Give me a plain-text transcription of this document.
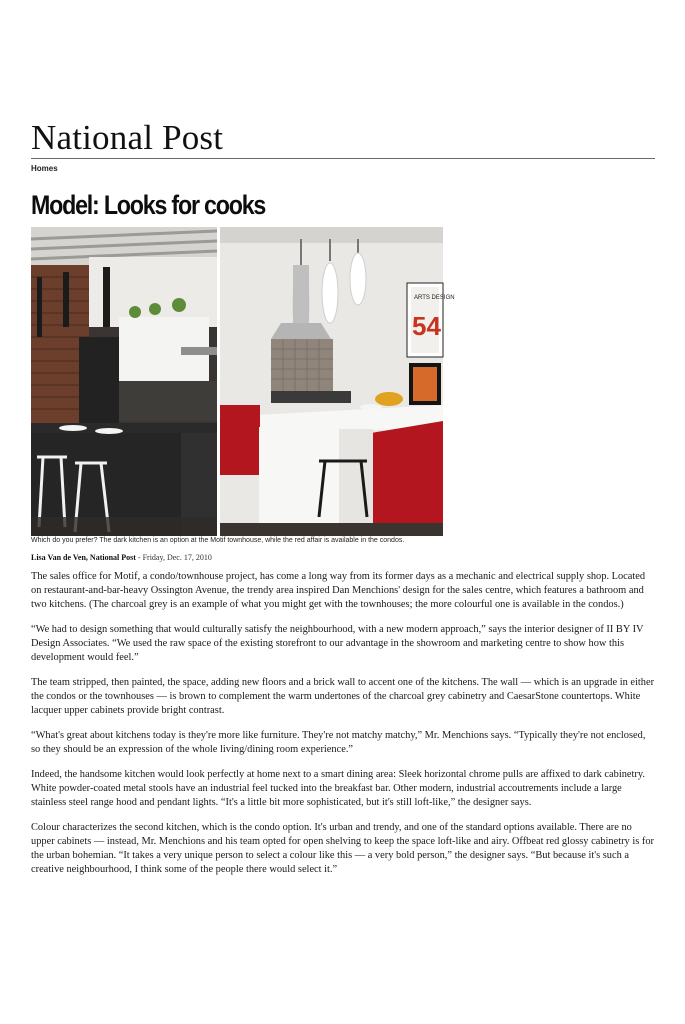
National Post
Homes
Model: Looks for cooks
ARTS DESIGN
54
Which do you prefer? The dark kitchen is an option at the Motif townhouse, while the red affair is available in the condos.
Lisa Van de Ven, National Post - Friday, Dec. 17, 2010

The sales office for Motif, a condo/townhouse project, has come a long way from its former days as a mechanic and electrical supply shop. Located on restaurant-and-bar-heavy Ossington Avenue, the trendy area inspired Dan Menchions' design for the sales centre, which features a bathroom and two kitchens. (The charcoal grey is an example of what you might get with the townhouses; the more colourful one is available in the condos.)

“We had to design something that would culturally satisfy the neighbourhood, with a new modern approach,” says the interior designer of II BY IV Design Associates. “We used the raw space of the existing storefront to our advantage in the showroom and marketing centre to show how this development would feel.”

The team stripped, then painted, the space, adding new floors and a brick wall to accent one of the kitchens. The wall — which is an upgrade in either the condos or the townhouses — is brown to complement the warm undertones of the charcoal grey cabinetry and CaesarStone countertops. White lacquer upper cabinets provide bright contrast.

“What's great about kitchens today is they're more like furniture. They're not matchy matchy,” Mr. Menchions says. “Typically they're not enclosed, so they should be an expression of the whole living/dining room experience.”

Indeed, the handsome kitchen would look perfectly at home next to a smart dining area: Sleek horizontal chrome pulls are affixed to dark cabinetry. White powder-coated metal stools have an industrial feel tucked into the breakfast bar. Other modern, industrial accoutrements include a large stainless steel range hood and pendant lights. “It's a little bit more sophisticated, but it's still loft-like,” the designer says.

Colour characterizes the second kitchen, which is the condo option. It's urban and trendy, and one of the standard options available. There are no upper cabinets — instead, Mr. Menchions and his team opted for open shelving to keep the space loft-like and airy. Offbeat red glossy cabinetry is for the urban bohemian. “It takes a very unique person to select a colour like this — a very bold person,” the designer says. “But because it's such a creative neighbourhood, I think some of the people there would select it.”
